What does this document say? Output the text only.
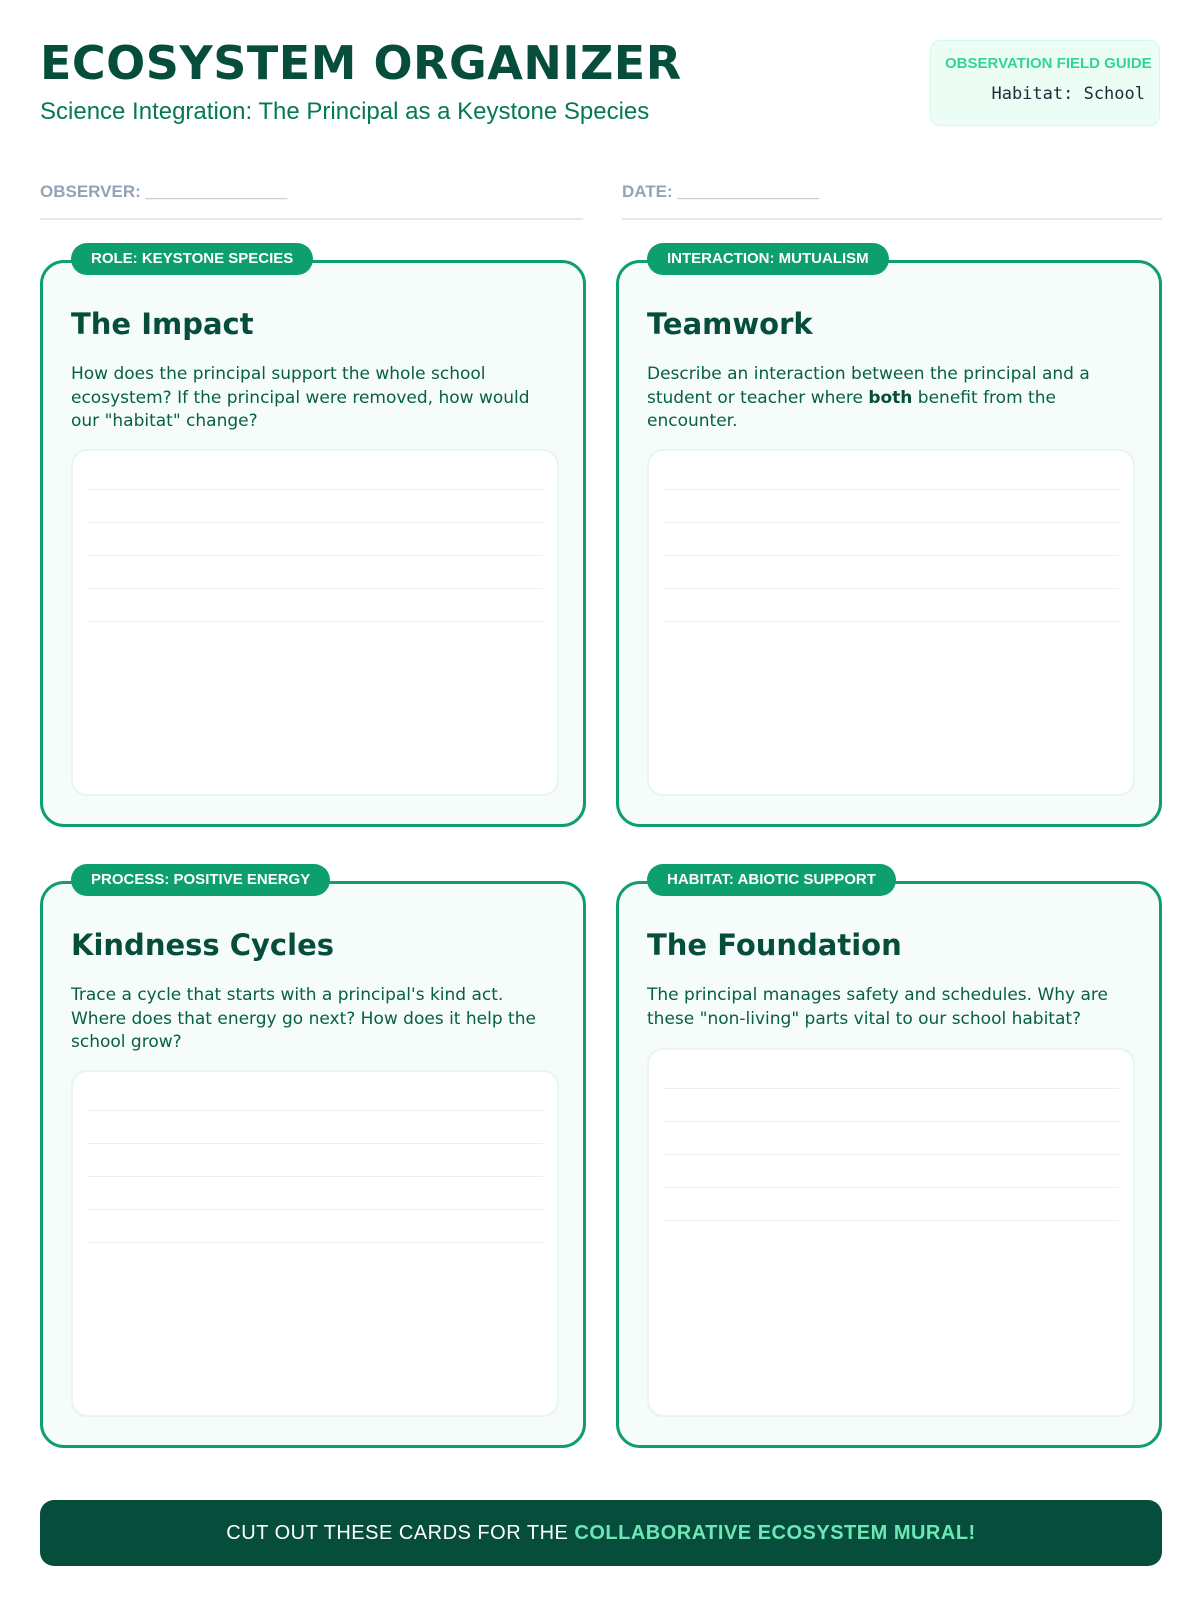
ECOSYSTEM ORGANIZER
Science Integration: The Principal as a Keystone Species
OBSERVATION FIELD GUIDE
Habitat: School
OBSERVER: _______________	DATE: _______________
ROLE: KEYSTONE SPECIES
The Impact
How does the principal support the whole school ecosystem? If the principal were removed, how would our "habitat" change?
INTERACTION: MUTUALISM
Teamwork
Describe an interaction between the principal and a student or teacher where both benefit from the encounter.
PROCESS: POSITIVE ENERGY
Kindness Cycles
Trace a cycle that starts with a principal's kind act. Where does that energy go next? How does it help the school grow?
HABITAT: ABIOTIC SUPPORT
The Foundation
The principal manages safety and schedules. Why are these "non-living" parts vital to our school habitat?
CUT OUT THESE CARDS FOR THE COLLABORATIVE ECOSYSTEM MURAL!
